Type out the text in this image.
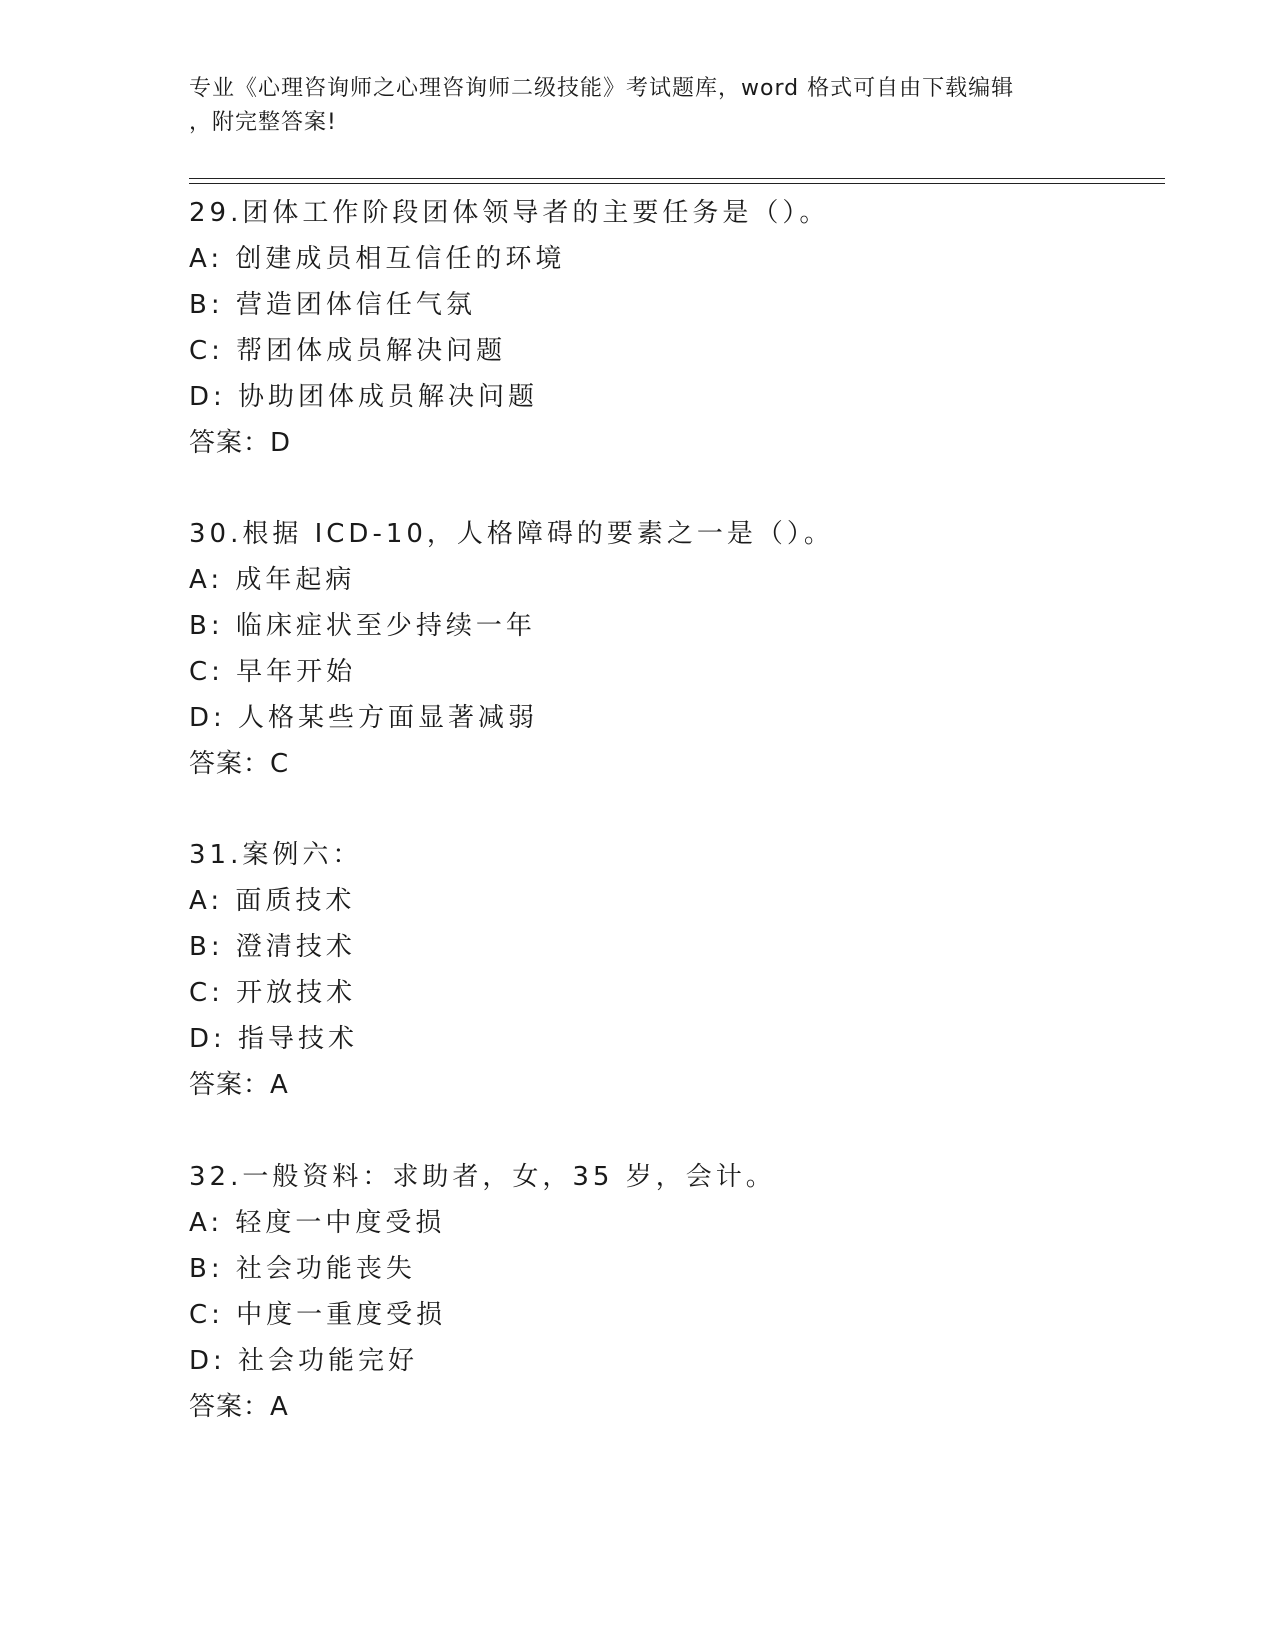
专业《心理咨询师之心理咨询师二级技能》考试题库，word 格式可自由下载编辑
，附完整答案!
29.团体工作阶段团体领导者的主要任务是（）。
A: 创建成员相互信任的环境
B: 营造团体信任气氛
C: 帮团体成员解决问题
D: 协助团体成员解决问题
答案：D
30.根据 ICD-10，人格障碍的要素之一是（）。
A: 成年起病
B: 临床症状至少持续一年
C: 早年开始
D: 人格某些方面显著减弱
答案：C
31.案例六：
A: 面质技术
B: 澄清技术
C: 开放技术
D: 指导技术
答案：A
32.一般资料：求助者，女，35 岁，会计。
A: 轻度一中度受损
B: 社会功能丧失
C: 中度一重度受损
D: 社会功能完好
答案：A
